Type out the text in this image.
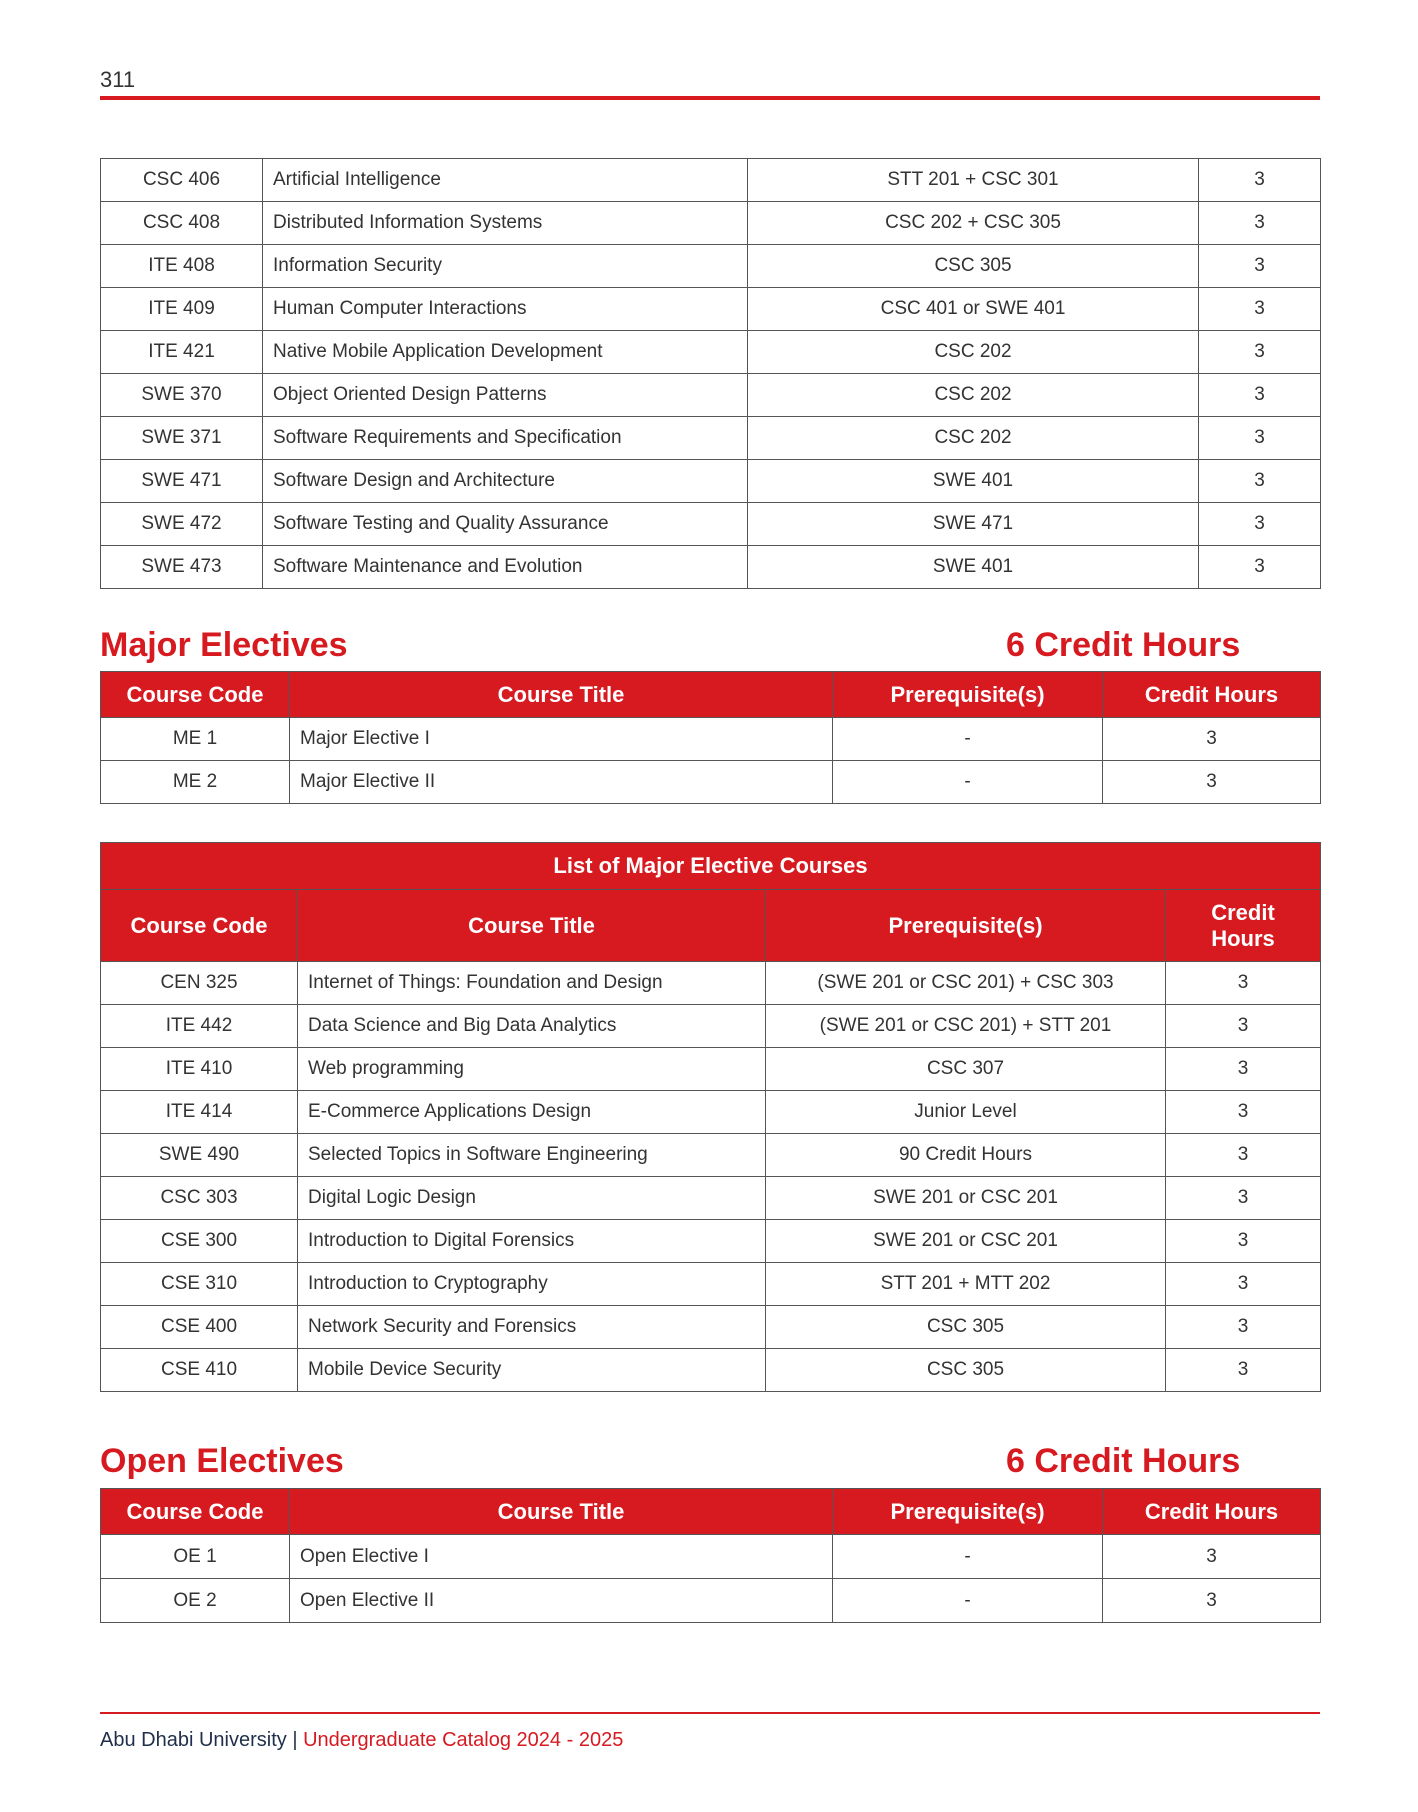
311
CSC 406	Artificial Intelligence	STT 201 + CSC 301	3
CSC 408	Distributed Information Systems	CSC 202 + CSC 305	3
ITE 408	Information Security	CSC 305	3
ITE 409	Human Computer Interactions	CSC 401 or SWE 401	3
ITE 421	Native Mobile Application Development	CSC 202	3
SWE 370	Object Oriented Design Patterns	CSC 202	3
SWE 371	Software Requirements and Specification	CSC 202	3
SWE 471	Software Design and Architecture	SWE 401	3
SWE 472	Software Testing and Quality Assurance	SWE 471	3
SWE 473	Software Maintenance and Evolution	SWE 401	3
Major Electives	6 Credit Hours
Course Code	Course Title	Prerequisite(s)	Credit Hours
ME 1	Major Elective I	-	3
ME 2	Major Elective II	-	3
List of Major Elective Courses			
Course Code	Course Title	Prerequisite(s)	Credit Hours
CEN 325	Internet of Things: Foundation and Design	(SWE 201 or CSC 201) + CSC 303	3
ITE 442	Data Science and Big Data Analytics	(SWE 201 or CSC 201) + STT 201	3
ITE 410	Web programming	CSC 307	3
ITE 414	E-Commerce Applications Design	Junior Level	3
SWE 490	Selected Topics in Software Engineering	90 Credit Hours	3
CSC 303	Digital Logic Design	SWE 201 or CSC 201	3
CSE 300	Introduction to Digital Forensics	SWE 201 or CSC 201	3
CSE 310	Introduction to Cryptography	STT 201 + MTT 202	3
CSE 400	Network Security and Forensics	CSC 305	3
CSE 410	Mobile Device Security	CSC 305	3
Open Electives	6 Credit Hours
Course Code	Course Title	Prerequisite(s)	Credit Hours
OE 1	Open Elective I	-	3
OE 2	Open Elective II	-	3
Abu Dhabi University | Undergraduate Catalog 2024 - 2025
